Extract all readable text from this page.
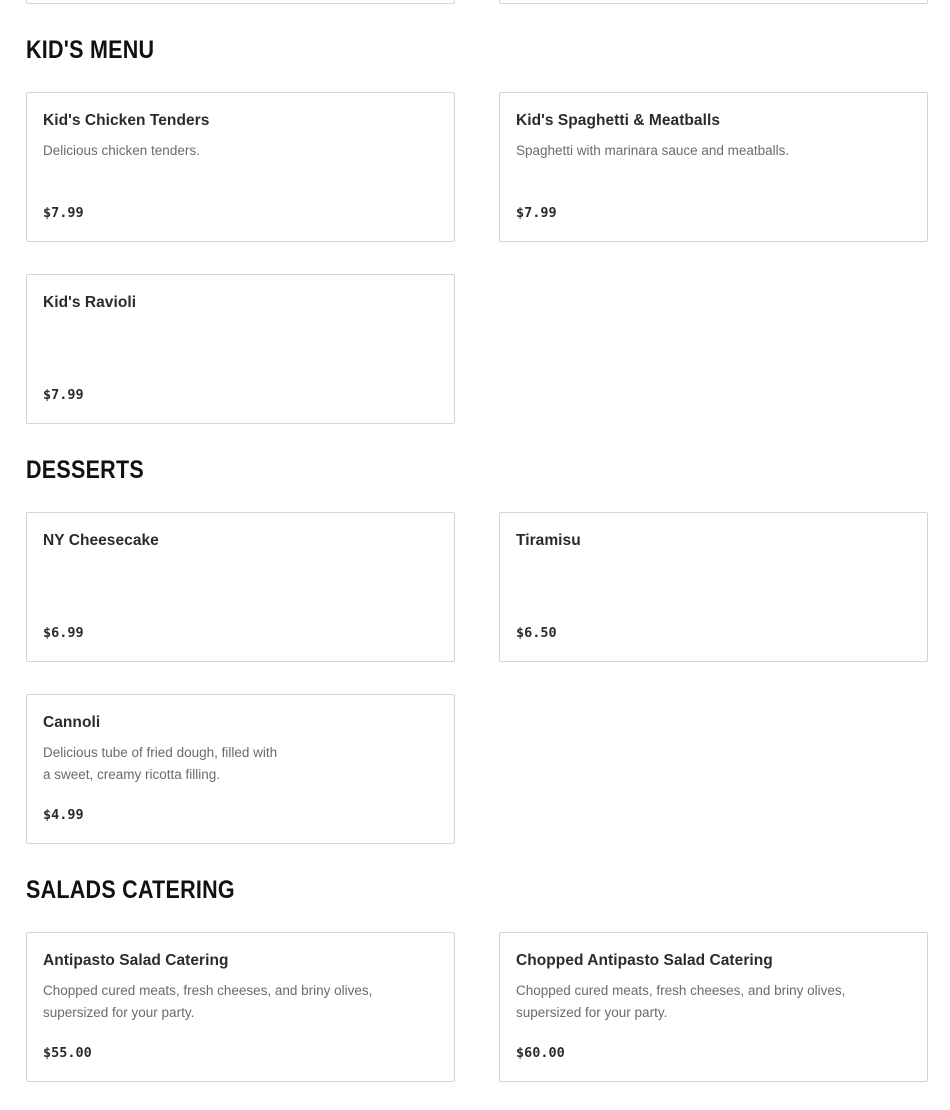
KID'S MENU
Kid's Chicken Tenders
Delicious chicken tenders.
$7.99
Kid's Spaghetti & Meatballs
Spaghetti with marinara sauce and meatballs.
$7.99
Kid's Ravioli
$7.99
DESSERTS
NY Cheesecake
$6.99
Tiramisu
$6.50
Cannoli
Delicious tube of fried dough, filled with a sweet, creamy ricotta filling.
$4.99
SALADS CATERING
Antipasto Salad Catering
Chopped cured meats, fresh cheeses, and briny olives, supersized for your party.
$55.00
Chopped Antipasto Salad Catering
Chopped cured meats, fresh cheeses, and briny olives, supersized for your party.
$60.00
